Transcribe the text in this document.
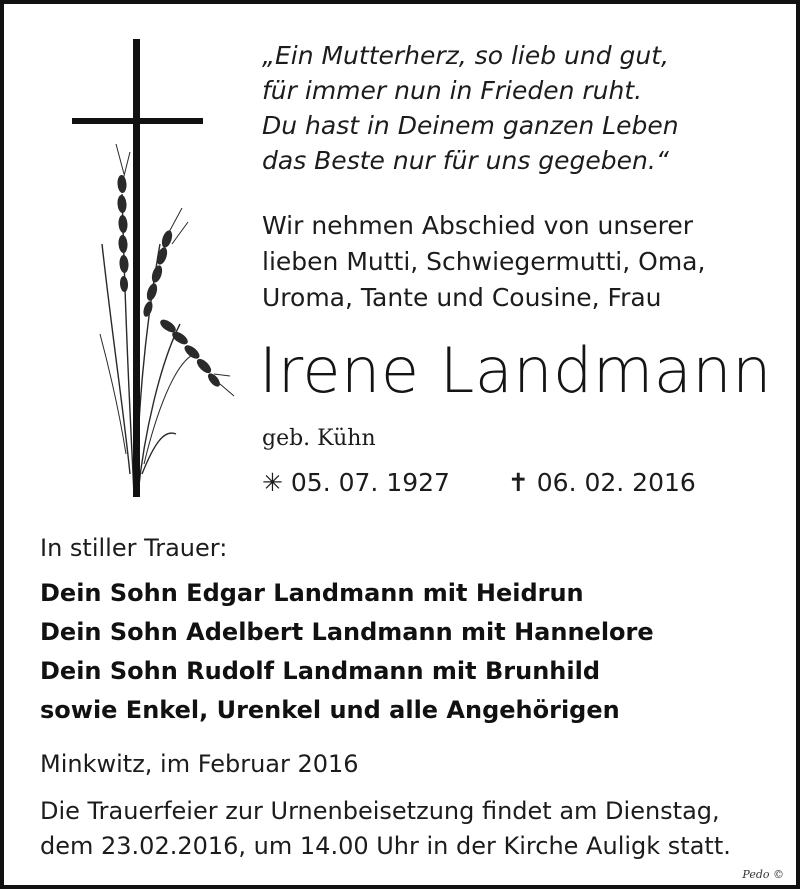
„Ein Mutterherz, so lieb und gut,
für immer nun in Frieden ruht.
Du hast in Deinem ganzen Leben
das Beste nur für uns gegeben.“
Wir nehmen Abschied von unserer
lieben Mutti, Schwiegermutti, Oma,
Uroma, Tante und Cousine, Frau
Irene Landmann
geb. Kühn
✳ 05. 07. 1927 ✝ 06. 02. 2016
In stiller Trauer:
Dein Sohn Edgar Landmann mit Heidrun
Dein Sohn Adelbert Landmann mit Hannelore
Dein Sohn Rudolf Landmann mit Brunhild
sowie Enkel, Urenkel und alle Angehörigen
Minkwitz, im Februar 2016
Die Trauerfeier zur Urnenbeisetzung findet am Dienstag,
dem 23.02.2016, um 14.00 Uhr in der Kirche Auligk statt.
Pedo ©
